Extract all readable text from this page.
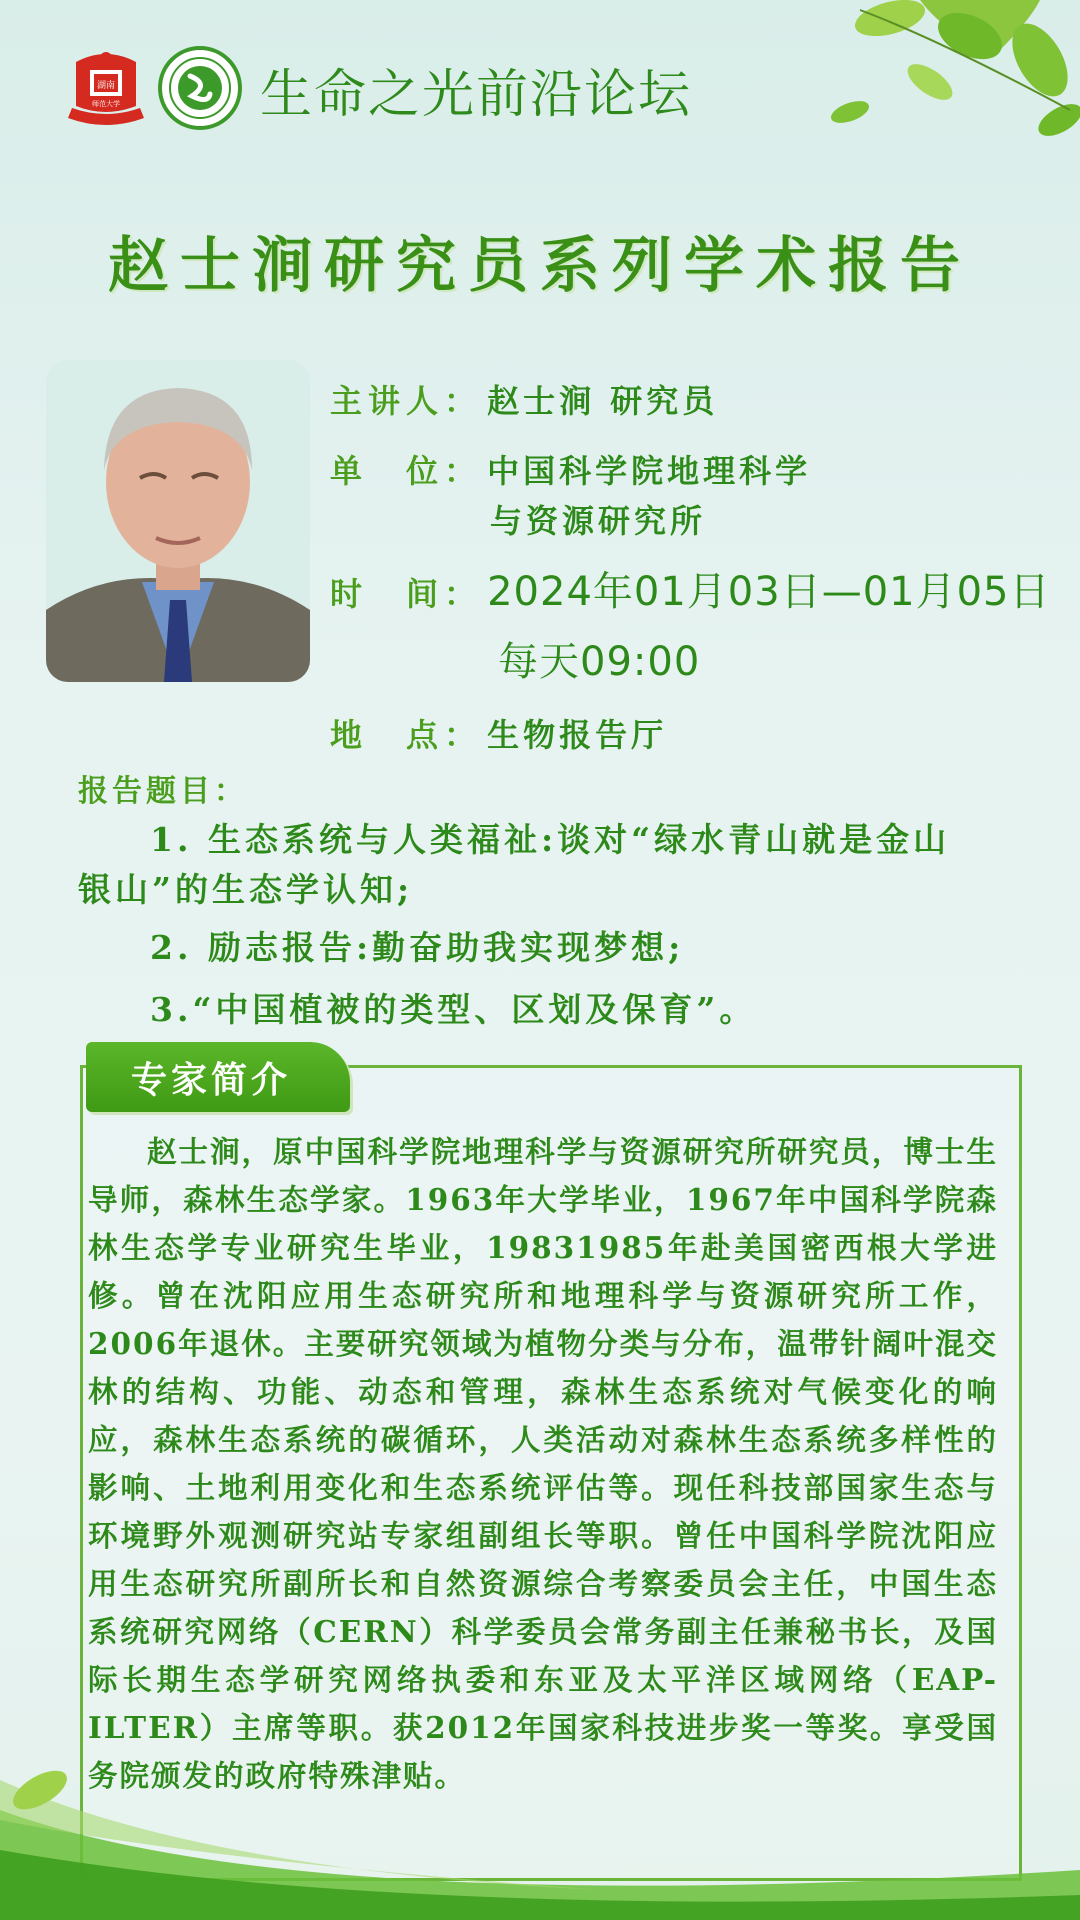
湖南
师范大学	生命之光前沿论坛
赵士涧研究员系列学术报告
主讲人： 赵士涧 研究员
单　位： 中国科学院地理科学
与资源研究所
时　间： 2024年01月03日—01月05日
每天09:00
地　点： 生物报告厅
报告题目：
1. 生态系统与人类福祉:谈对“绿水青山就是金山
银山”的生态学认知;
2. 励志报告:勤奋助我实现梦想;
3.“中国植被的类型、区划及保育”。
专家简介

赵士涧，原中国科学院地理科学与资源研究所研究员，博士生导师，森林生态学家。1963年大学毕业，1967年中国科学院森林生态学专业研究生毕业，19831985年赴美国密西根大学进修。曾在沈阳应用生态研究所和地理科学与资源研究所工作，2006年退休。主要研究领域为植物分类与分布，温带针阔叶混交林的结构、功能、动态和管理，森林生态系统对气候变化的响应，森林生态系统的碳循环，人类活动对森林生态系统多样性的影响、土地利用变化和生态系统评估等。现任科技部国家生态与环境野外观测研究站专家组副组长等职。曾任中国科学院沈阳应用生态研究所副所长和自然资源综合考察委员会主任，中国生态系统研究网络（CERN）科学委员会常务副主任兼秘书长，及国际长期生态学研究网络执委和东亚及太平洋区域网络（EAP-ILTER）主席等职。获2012年国家科技进步奖一等奖。享受国务院颁发的政府特殊津贴。
